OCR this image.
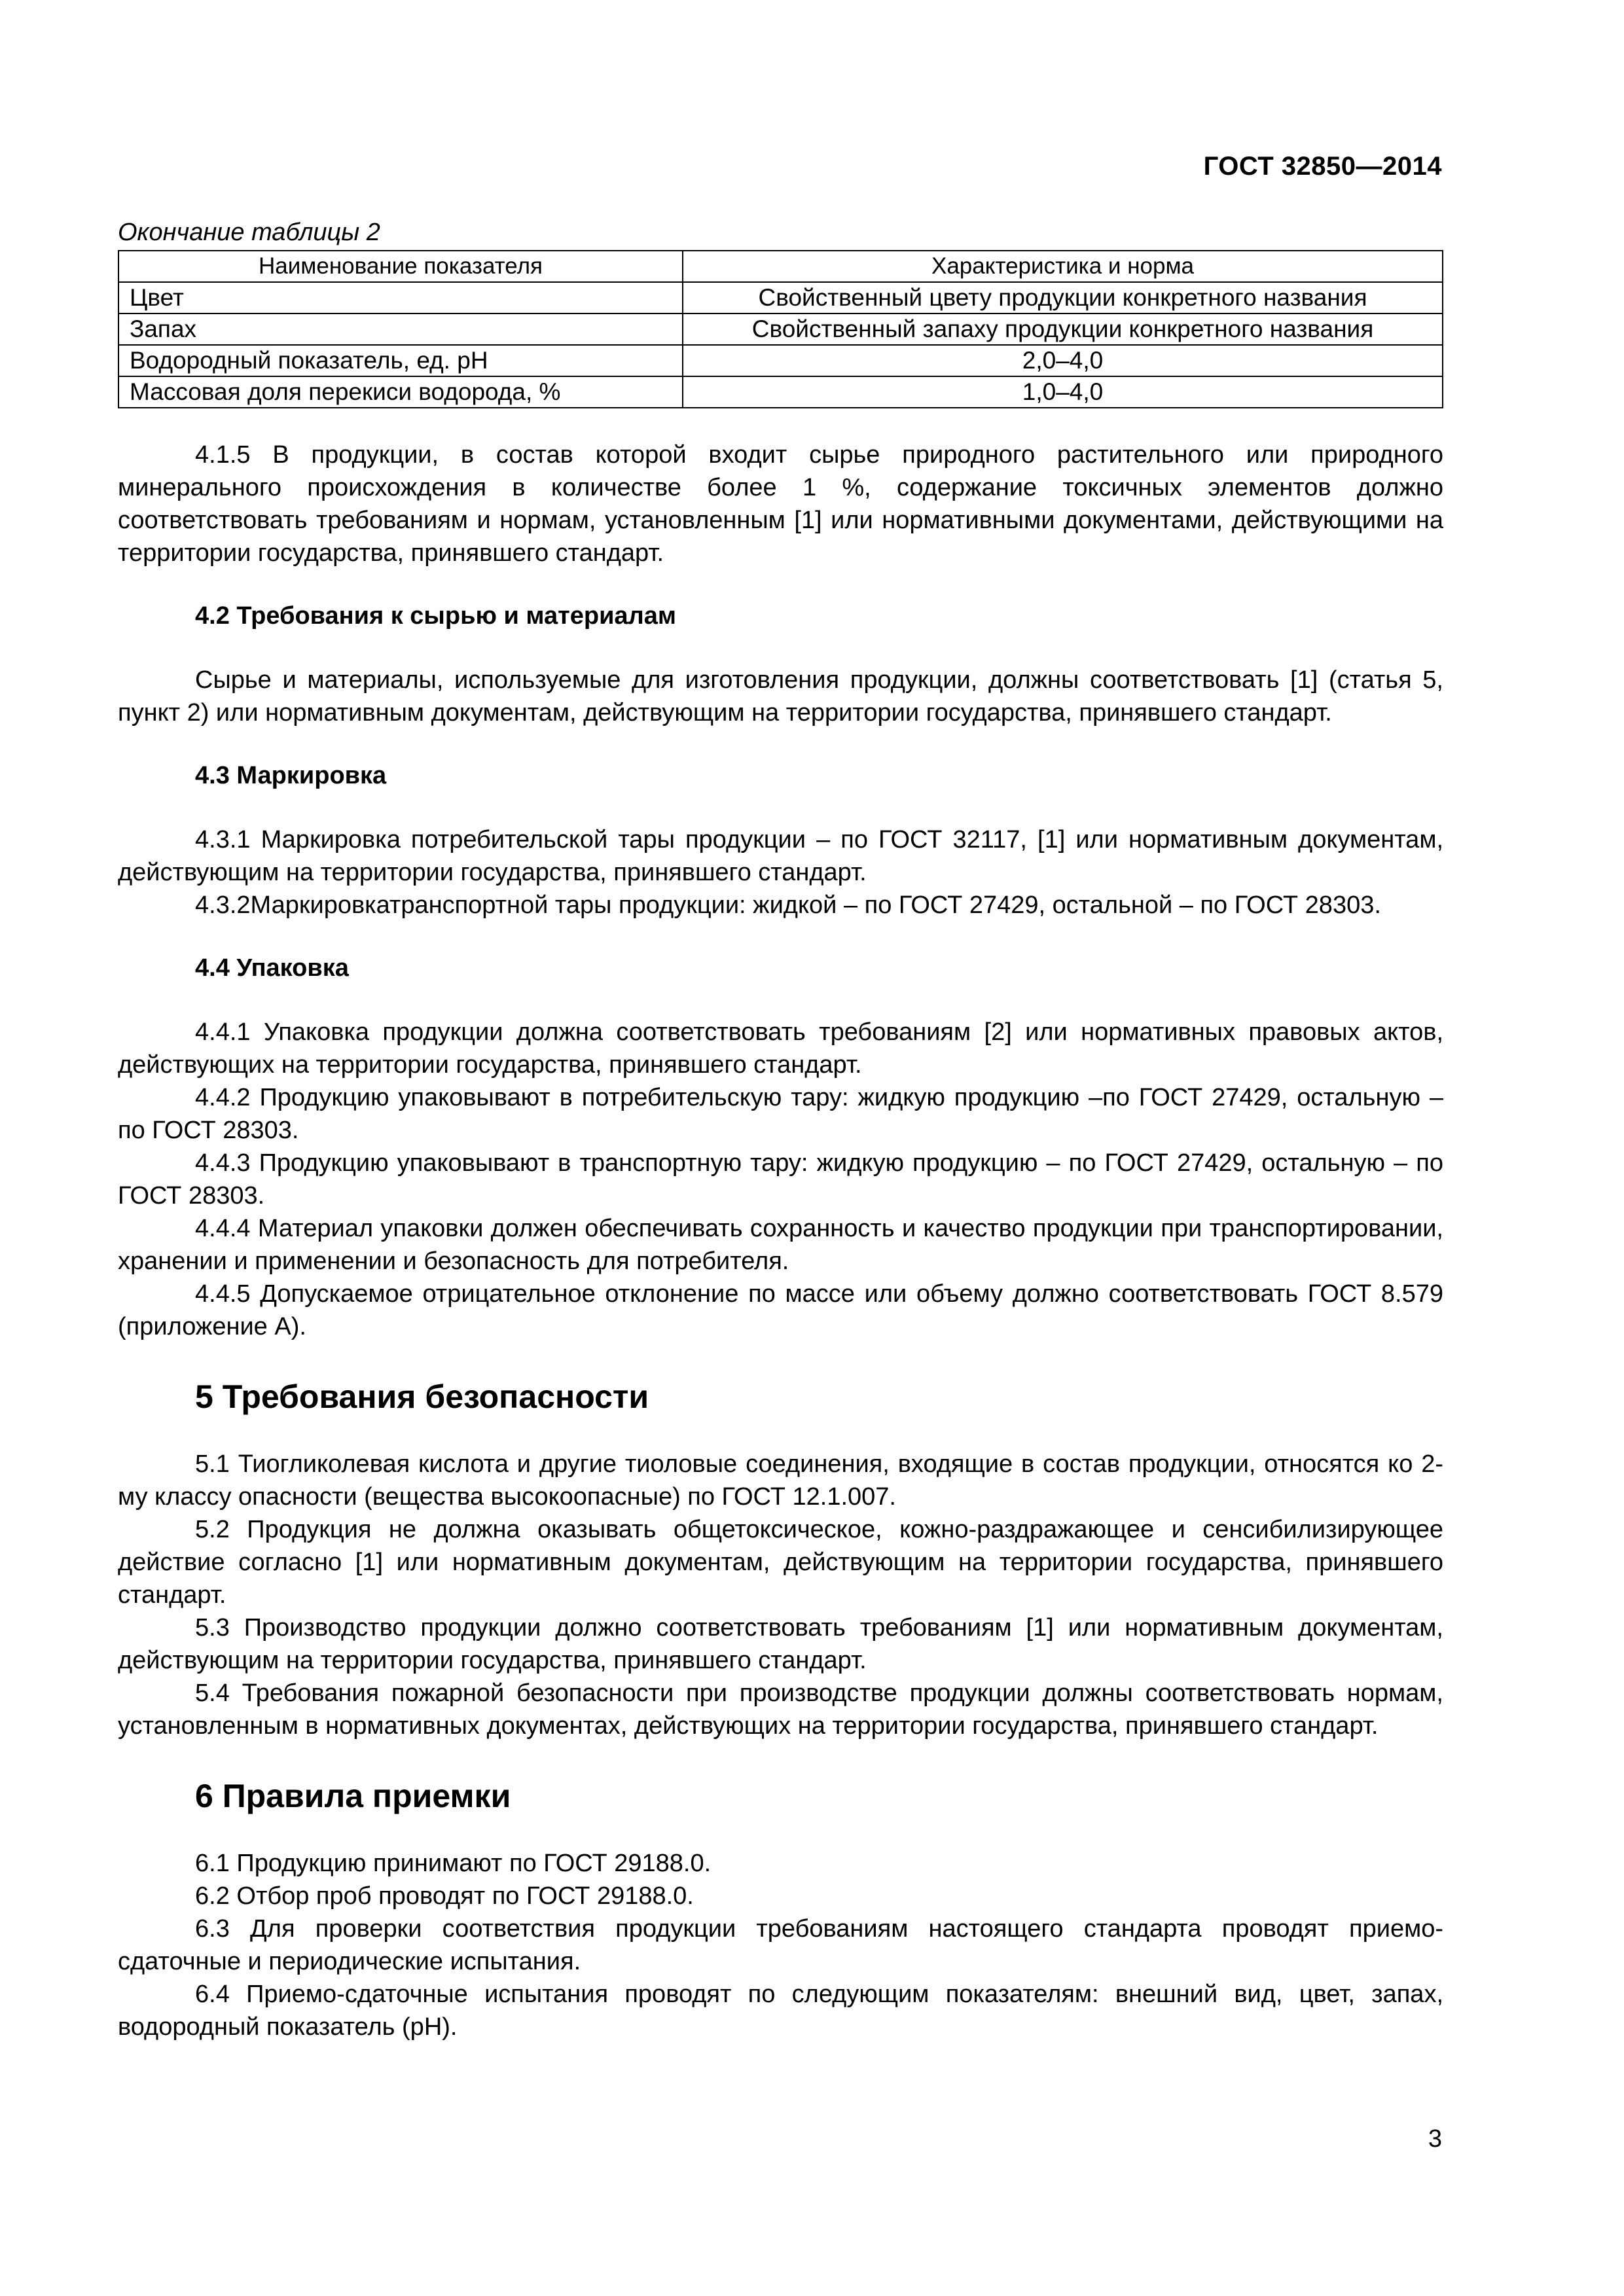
ГОСТ 32850—2014
Окончание таблицы 2
Наименование показателя	Характеристика и норма
Цвет	Свойственный цвету продукции конкретного названия
Запах	Свойственный запаху продукции конкретного названия
Водородный показатель, ед. pH	2,0–4,0
Массовая доля перекиси водорода, %	1,0–4,0

4.1.5 В продукции, в состав которой входит сырье природного растительного или природного минерального происхождения в количестве более 1 %, содержание токсичных элементов должно соответствовать требованиям и нормам, установленным [1] или нормативными документами, действующими на территории государства, принявшего стандарт.

4.2 Требования к сырью и материалам

Сырье и материалы, используемые для изготовления продукции, должны соответствовать [1] (статья 5, пункт 2) или нормативным документам, действующим на территории государства, принявшего стандарт.

4.3 Маркировка

4.3.1 Маркировка потребительской тары продукции – по ГОСТ 32117, [1] или нормативным документам, действующим на территории государства, принявшего стандарт.

4.3.2Маркировкатранспортной тары продукции: жидкой – по ГОСТ 27429, остальной – по ГОСТ 28303.

4.4 Упаковка

4.4.1 Упаковка продукции должна соответствовать требованиям [2] или нормативных правовых актов, действующих на территории государства, принявшего стандарт.

4.4.2 Продукцию упаковывают в потребительскую тару: жидкую продукцию –по ГОСТ 27429, остальную – по ГОСТ 28303.

4.4.3 Продукцию упаковывают в транспортную тару: жидкую продукцию – по ГОСТ 27429, остальную – по ГОСТ 28303.

4.4.4 Материал упаковки должен обеспечивать сохранность и качество продукции при транспортировании, хранении и применении и безопасность для потребителя.

4.4.5 Допускаемое отрицательное отклонение по массе или объему должно соответствовать ГОСТ 8.579 (приложение А).

5 Требования безопасности

5.1 Тиогликолевая кислота и другие тиоловые соединения, входящие в состав продукции, относятся ко 2-му классу опасности (вещества высокоопасные) по ГОСТ 12.1.007.

5.2 Продукция не должна оказывать общетоксическое, кожно-раздражающее и сенсибилизирующее действие согласно [1] или нормативным документам, действующим на территории государства, принявшего стандарт.

5.3 Производство продукции должно соответствовать требованиям [1] или нормативным документам, действующим на территории государства, принявшего стандарт.

5.4 Требования пожарной безопасности при производстве продукции должны соответствовать нормам, установленным в нормативных документах, действующих на территории государства, принявшего стандарт.

6 Правила приемки

6.1 Продукцию принимают по ГОСТ 29188.0.

6.2 Отбор проб проводят по ГОСТ 29188.0.

6.3 Для проверки соответствия продукции требованиям настоящего стандарта проводят приемо-сдаточные и периодические испытания.

6.4 Приемо-сдаточные испытания проводят по следующим показателям: внешний вид, цвет, запах, водородный показатель (pH).

3
